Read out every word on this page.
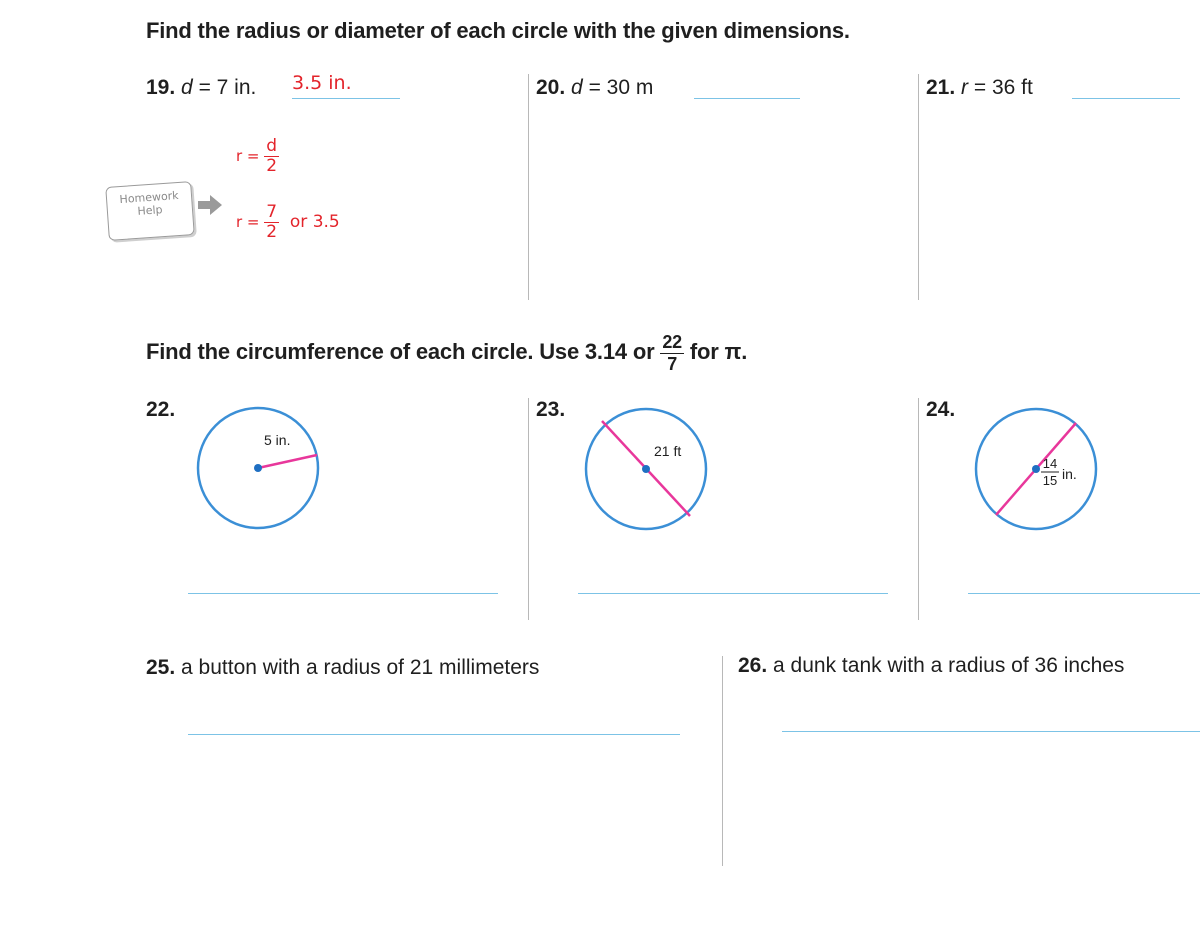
Find the radius or diameter of each circle with the given dimensions.
19. d = 7 in. 3.5 in.
$r = \frac{d}{2}$
$r = \frac{7}{2}$ or 3.5
Homework
Help
20. d = 30 m	21. r = 36 ft
Find the circumference of each circle. Use 3.14 or $\frac{22}{7}$ for π.
22.
5 in.
23.
21 ft
24.
14
15 in.
25. a button with a radius of 21 millimeters	26. a dunk tank with a radius of 36 inches
